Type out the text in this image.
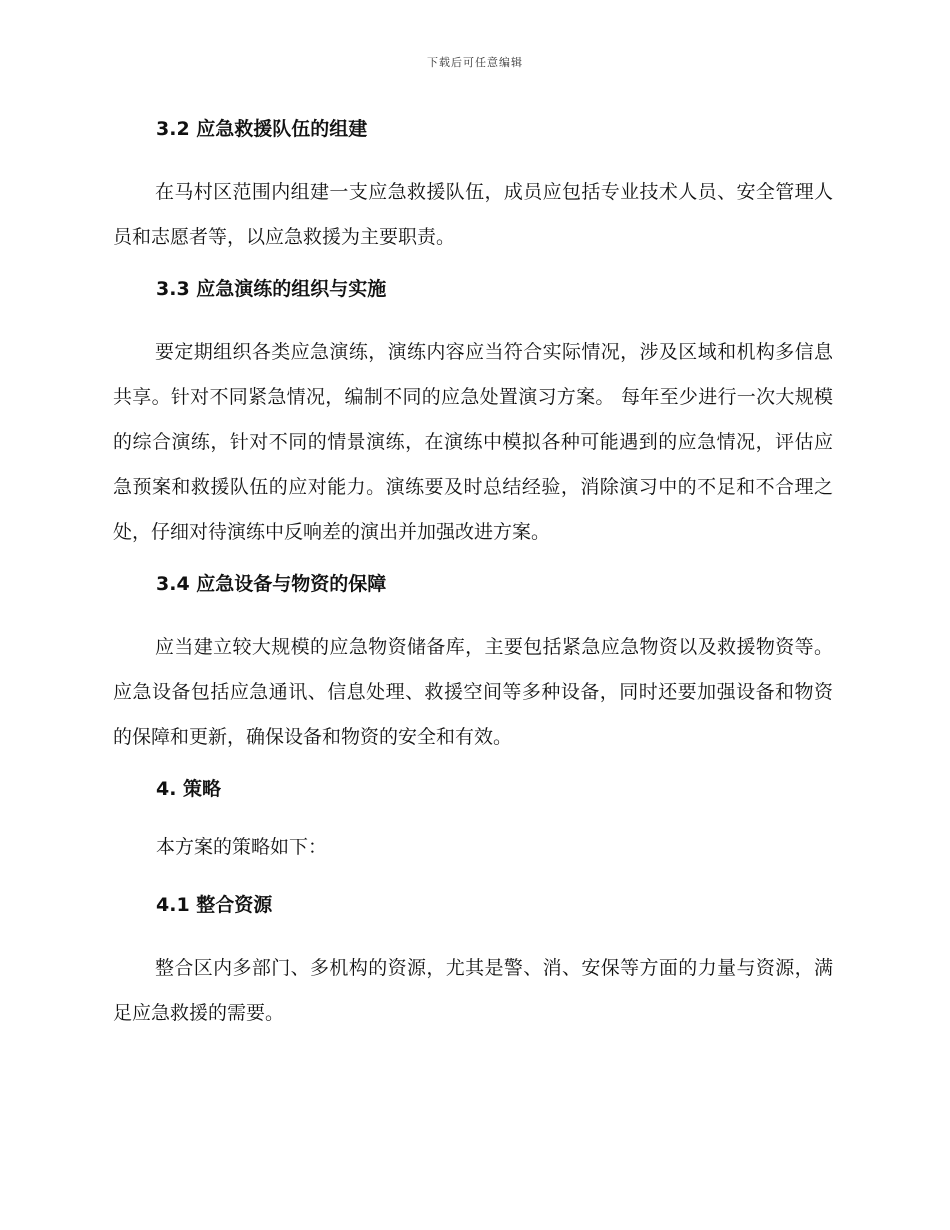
下载后可任意编辑
3.2 应急救援队伍的组建
在马村区范围内组建一支应急救援队伍，成员应包括专业技术人员、安全管理人员和志愿者等，以应急救援为主要职责。
3.3 应急演练的组织与实施
要定期组织各类应急演练，演练内容应当符合实际情况，涉及区域和机构多信息共享。针对不同紧急情况，编制不同的应急处置演习方案。 每年至少进行一次大规模的综合演练，针对不同的情景演练，在演练中模拟各种可能遇到的应急情况，评估应急预案和救援队伍的应对能力。演练要及时总结经验，消除演习中的不足和不合理之处，仔细对待演练中反响差的演出并加强改进方案。
3.4 应急设备与物资的保障
应当建立较大规模的应急物资储备库，主要包括紧急应急物资以及救援物资等。应急设备包括应急通讯、信息处理、救援空间等多种设备，同时还要加强设备和物资的保障和更新，确保设备和物资的安全和有效。
4. 策略
本方案的策略如下：
4.1 整合资源
整合区内多部门、多机构的资源，尤其是警、消、安保等方面的力量与资源，满足应急救援的需要。
